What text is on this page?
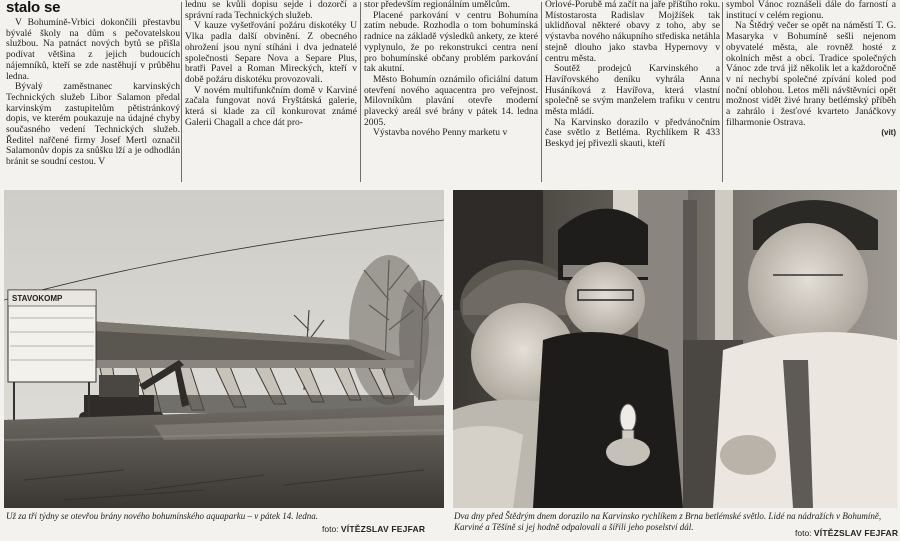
stalo se

V Bohumíně-Vrbici dokončili přestavbu bývalé školy na dům s pečovatelskou službou. Na patnáct nových bytů se přišla podívat většina z jejich budoucích nájemníků, kteří se zde nastěhují v průběhu ledna.

Bývalý zaměstnanec karvinských Technických služeb Libor Salamon předal karvinským zastupitelům pětistránkový dopis, ve kterém poukazuje na údajné chyby současného vedení Technických služeb. Ředitel nařčené firmy Josef Mertl označil Salamonův dopis za snůšku lží a je odhodlán bránit se soudní cestou. V

lednu se kvůli dopisu sejde i dozorčí a správní rada Technických služeb.

V kauze vyšetřování požáru diskotéky U Vlka padla další obvinění. Z obecného ohrožení jsou nyní stíháni i dva jednatelé společnosti Separe Nova a Separe Plus, bratři Pavel a Roman Mireckých, kteří v době požáru diskotéku provozovali.

V novém multifunkčním domě v Karviné začala fungovat nová Fryštátská galerie, která si klade za cíl konkurovat známé Galerii Chagall a chce dát pro-

stor především regionálním umělcům.

Placené parkování v centru Bohumína zatím nebude. Rozhodla o tom bohumínská radnice na základě výsledků ankety, ze které vyplynulo, že po rekonstrukci centra není pro bohumínské občany problém parkování tak akutní.

Město Bohumín oznámilo oficiální datum otevření nového aquacentra pro veřejnost. Milovníkům plavání otevře moderní plavecký areál své brány v pátek 14. ledna 2005.

Výstavba nového Penny marketu v

Orlové-Porubě má začít na jaře příštího roku. Místostarosta Radislav Mojžíšek tak uklidňoval některé obavy z toho, aby se výstavba nového nákupního střediska netáhla stejně dlouho jako stavba Hypernovy v centru města.

Soutěž prodejců Karvinského a Havířovského deníku vyhrála Anna Husáníková z Havířova, která vlastní společně se svým manželem trafiku v centru města mládí.

Na Karvinsko dorazilo v předvánočním čase světlo z Betléma. Rychlíkem R 433 Beskyd jej přivezli skauti, kteří

symbol Vánoc roznášeli dále do farností a institucí v celém regionu.

Na Štědrý večer se opět na náměstí T. G. Masaryka v Bohumíně sešli nejenom obyvatelé města, ale rovněž hosté z okolních měst a obcí. Tradice společných Vánoc zde trvá již několik let a každoročně v ní nechybí společné zpívání koled pod noční oblohou. Letos měli návštěvníci opět možnost vidět živé hrany betlémský příběh a zahrálo i žesťové kvarteto Janáčkovy filharmonie Ostrava.

(vit)

STAVOKOMP
Už za tři týdny se otevřou brány nového bohumínského aquaparku – v pátek 14. ledna.
foto: VÍTĚZSLAV FEJFAR
Dva dny před Štědrým dnem dorazilo na Karvinsko rychlíkem z Brna betlémské světlo. Lidé na nádražích v Bohumíně, Karviné a Těšíně si jej hodně odpalovali a šířili jeho poselství dál.
foto: VÍTĚZSLAV FEJFAR
